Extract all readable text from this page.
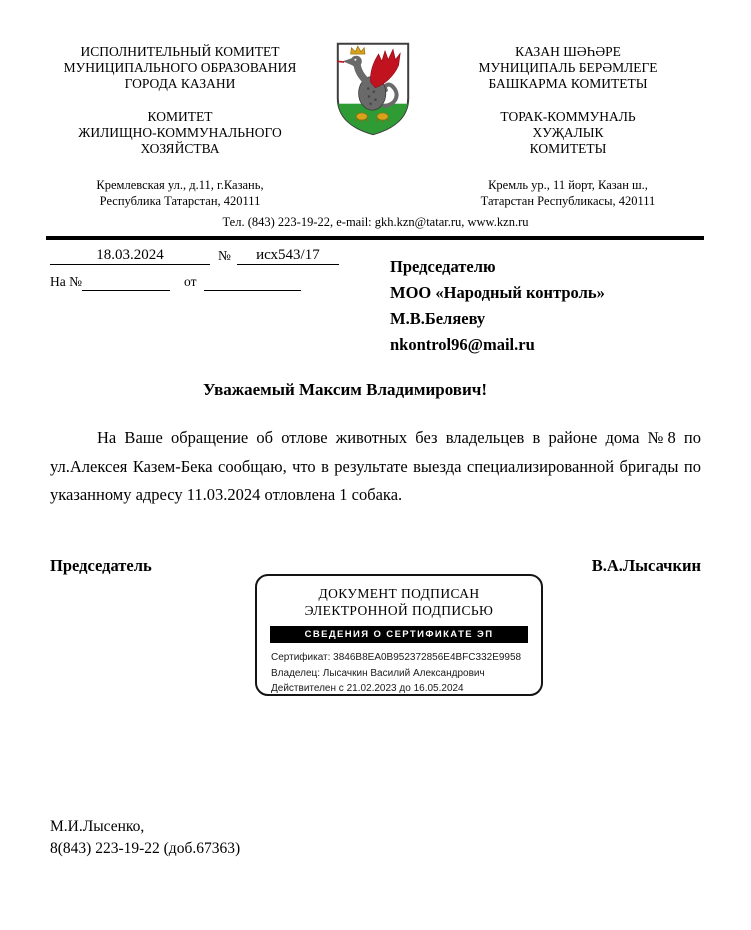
ИСПОЛНИТЕЛЬНЫЙ КОМИТЕТ
МУНИЦИПАЛЬНОГО ОБРАЗОВАНИЯ
ГОРОДА КАЗАНИ
КОМИТЕТ
ЖИЛИЩНО-КОММУНАЛЬНОГО
ХОЗЯЙСТВА
Кремлевская ул., д.11, г.Казань,
Республика Татарстан, 420111
КАЗАН ШӘҺӘРЕ
МУНИЦИПАЛЬ БЕРӘМЛЕГЕ
БАШКАРМА КОМИТЕТЫ
ТОРАК-КОММУНАЛЬ
ХУҖАЛЫК
КОМИТЕТЫ
Кремль ур., 11 йорт, Казан ш.,
Татарстан Республикасы, 420111
Тел. (843) 223-19-22, e-mail: gkh.kzn@tatar.ru, www.kzn.ru
18.03.2024	№	исх543/17
На №	от
Председателю
МОО «Народный контроль»
М.В.Беляеву
nkontrol96@mail.ru
Уважаемый Максим Владимирович!
На Ваше обращение об отлове животных без владельцев в районе дома №8 по ул.Алексея Казем-Бека сообщаю, что в результате выезда специализированной бригады по указанному адресу 11.03.2024 отловлена 1 собака.
Председатель	В.А.Лысачкин
ДОКУМЕНТ ПОДПИСАН
ЭЛЕКТРОННОЙ ПОДПИСЬЮ
СВЕДЕНИЯ О СЕРТИФИКАТЕ ЭП
Сертификат: 3846B8EA0B952372856E4BFC332E9958
Владелец: Лысачкин Василий Александрович
Действителен с 21.02.2023 до 16.05.2024
М.И.Лысенко,
8(843) 223-19-22 (доб.67363)
